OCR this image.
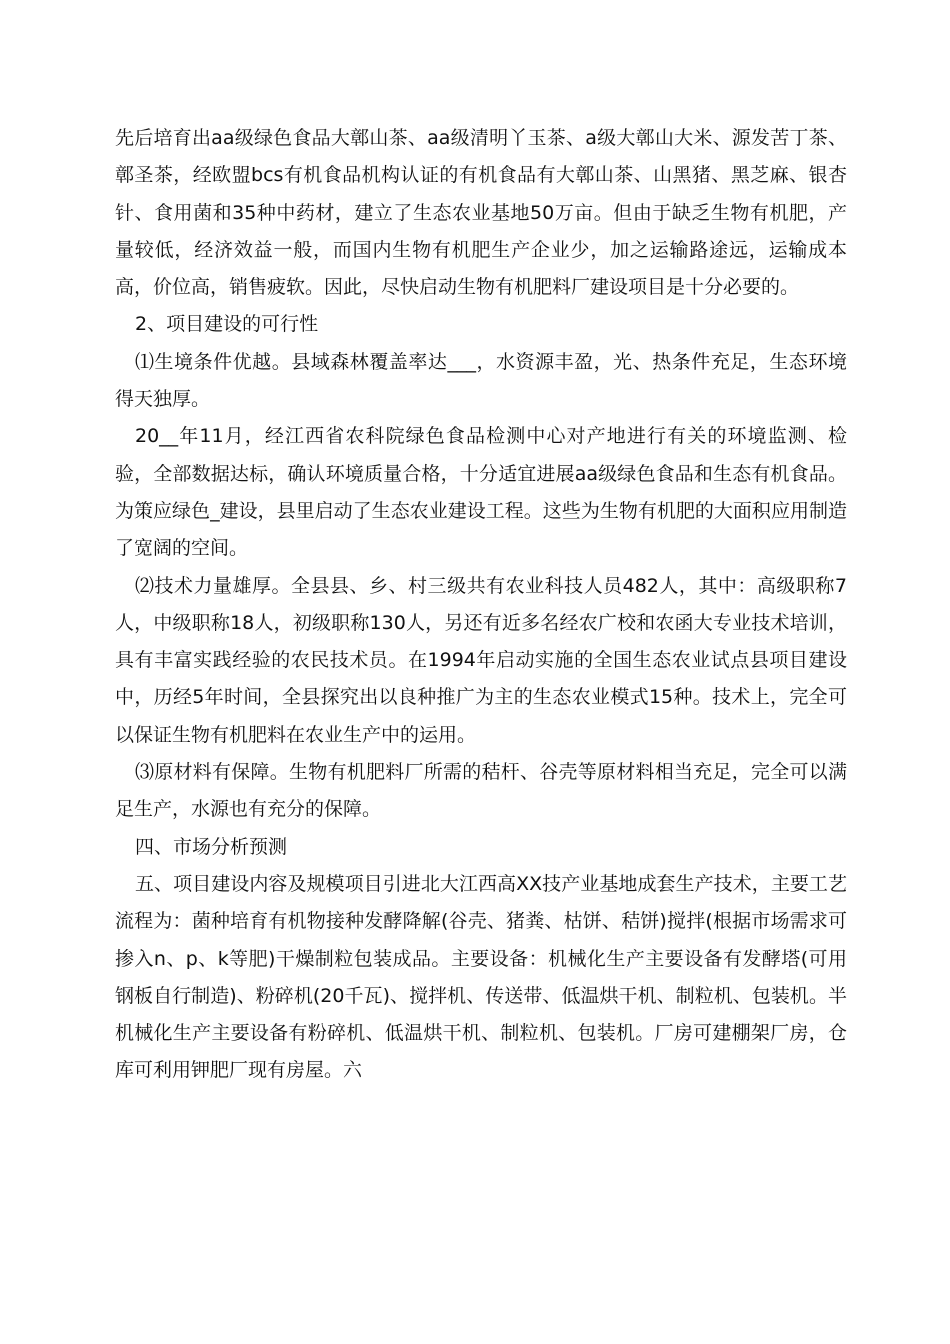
先后培育出aa级绿色食品大鄣山茶、aa级清明丫玉茶、a级大鄣山大米、源发苦丁茶、鄣圣茶，经欧盟bcs有机食品机构认证的有机食品有大鄣山茶、山黑猪、黑芝麻、银杏针、食用菌和35种中药材，建立了生态农业基地50万亩。但由于缺乏生物有机肥，产量较低，经济效益一般，而国内生物有机肥生产企业少，加之运输路途远，运输成本高，价位高，销售疲软。因此，尽快启动生物有机肥料厂建设项目是十分必要的。

2、项目建设的可行性

⑴生境条件优越。县域森林覆盖率达___，水资源丰盈，光、热条件充足，生态环境得天独厚。

20__年11月，经江西省农科院绿色食品检测中心对产地进行有关的环境监测、检验，全部数据达标，确认环境质量合格，十分适宜进展aa级绿色食品和生态有机食品。为策应绿色_建设，县里启动了生态农业建设工程。这些为生物有机肥的大面积应用制造了宽阔的空间。

⑵技术力量雄厚。全县县、乡、村三级共有农业科技人员482人，其中：高级职称7人，中级职称18人，初级职称130人，另还有近多名经农广校和农函大专业技术培训，具有丰富实践经验的农民技术员。在1994年启动实施的全国生态农业试点县项目建设中，历经5年时间，全县探究出以良种推广为主的生态农业模式15种。技术上，完全可以保证生物有机肥料在农业生产中的运用。

⑶原材料有保障。生物有机肥料厂所需的秸杆、谷壳等原材料相当充足，完全可以满足生产，水源也有充分的保障。

四、市场分析预测

五、项目建设内容及规模项目引进北大江西高XX技产业基地成套生产技术，主要工艺流程为：菌种培育有机物接种发酵降解(谷壳、猪粪、枯饼、秸饼)搅拌(根据市场需求可掺入n、p、k等肥)干燥制粒包装成品。主要设备：机械化生产主要设备有发酵塔(可用钢板自行制造)、粉碎机(20千瓦)、搅拌机、传送带、低温烘干机、制粒机、包装机。半机械化生产主要设备有粉碎机、低温烘干机、制粒机、包装机。厂房可建棚架厂房，仓库可利用钾肥厂现有房屋。六
